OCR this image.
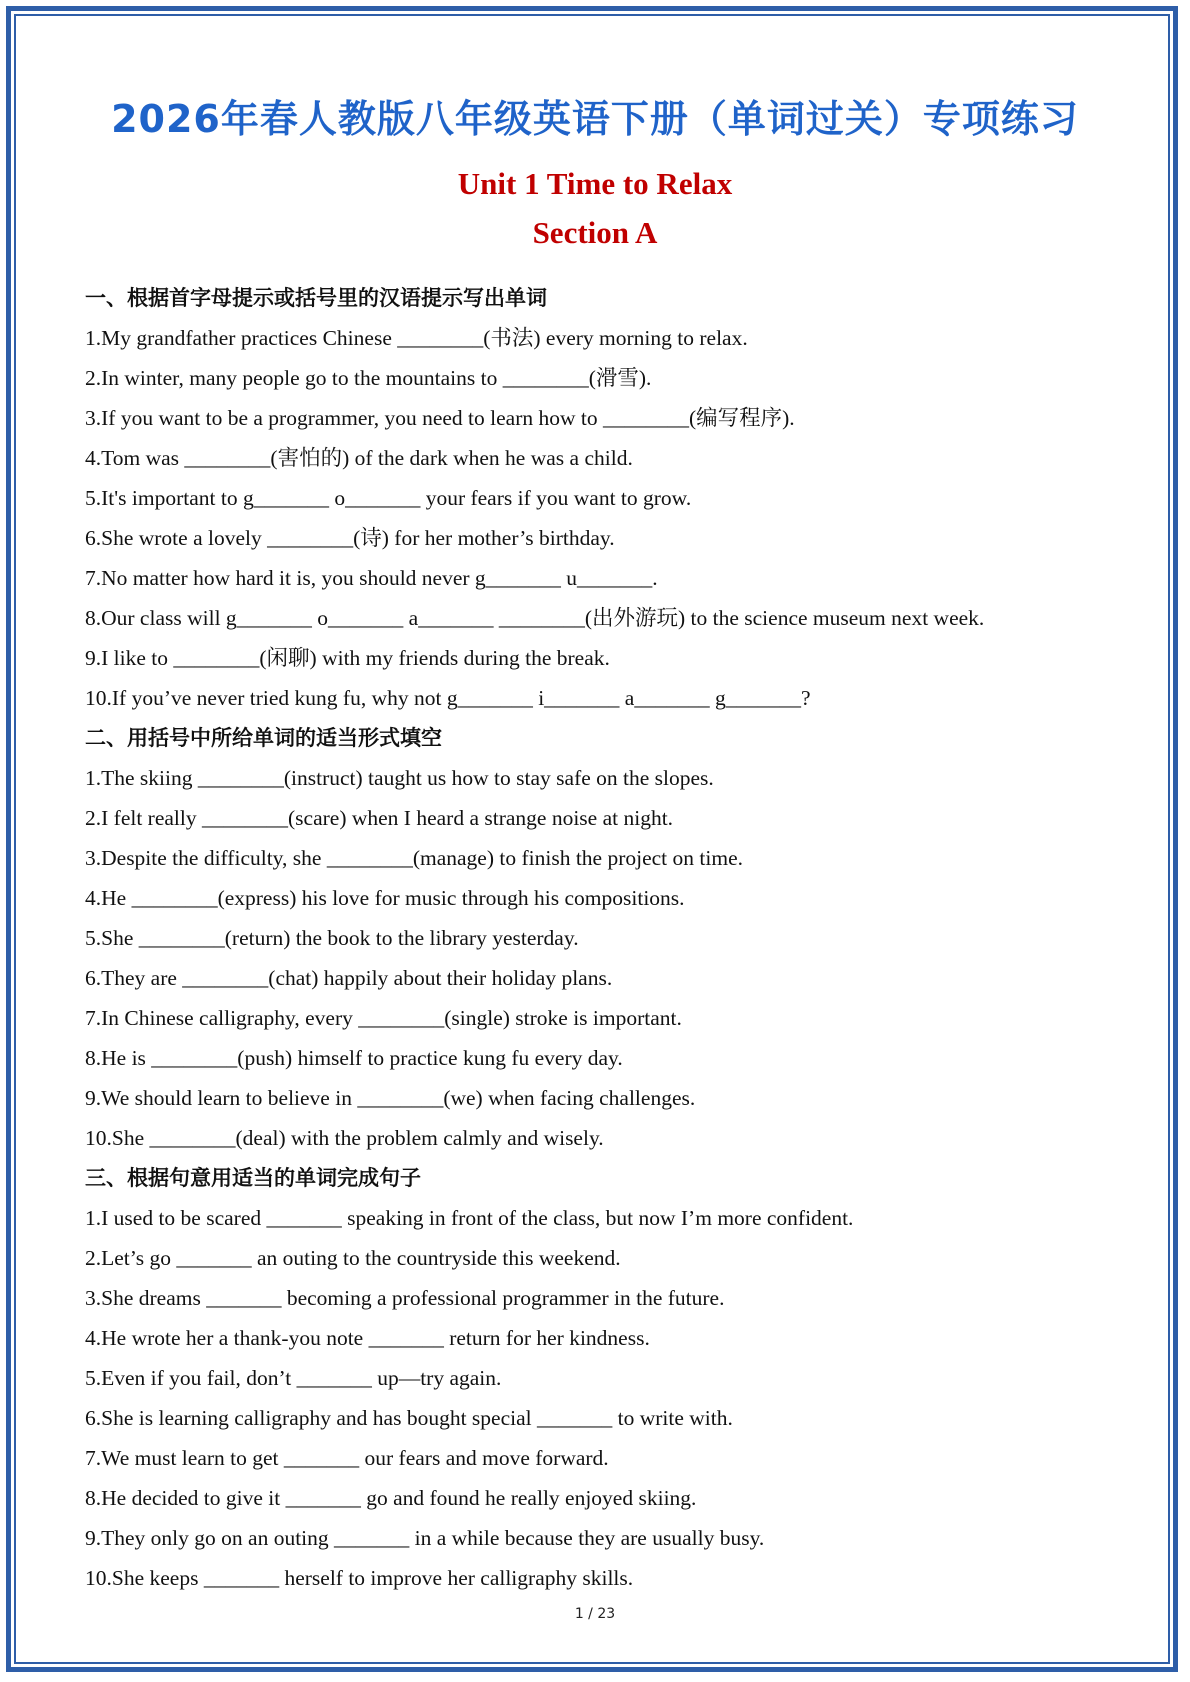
2026年春人教版八年级英语下册（单词过关）专项练习
Unit 1 Time to Relax
Section A
一、根据首字母提示或括号里的汉语提示写出单词
1.My grandfather practices Chinese ________(书法) every morning to relax.
2.In winter, many people go to the mountains to ________(滑雪).
3.If you want to be a programmer, you need to learn how to ________(编写程序).
4.Tom was ________(害怕的) of the dark when he was a child.
5.It's important to g_______ o_______ your fears if you want to grow.
6.She wrote a lovely ________(诗) for her mother’s birthday.
7.No matter how hard it is, you should never g_______ u_______.
8.Our class will g_______ o_______ a_______ ________(出外游玩) to the science museum next week.
9.I like to ________(闲聊) with my friends during the break.
10.If you’ve never tried kung fu, why not g_______ i_______ a_______ g_______?
二、用括号中所给单词的适当形式填空
1.The skiing ________(instruct) taught us how to stay safe on the slopes.
2.I felt really ________(scare) when I heard a strange noise at night.
3.Despite the difficulty, she ________(manage) to finish the project on time.
4.He ________(express) his love for music through his compositions.
5.She ________(return) the book to the library yesterday.
6.They are ________(chat) happily about their holiday plans.
7.In Chinese calligraphy, every ________(single) stroke is important.
8.He is ________(push) himself to practice kung fu every day.
9.We should learn to believe in ________(we) when facing challenges.
10.She ________(deal) with the problem calmly and wisely.
三、根据句意用适当的单词完成句子
1.I used to be scared _______ speaking in front of the class, but now I’m more confident.
2.Let’s go _______ an outing to the countryside this weekend.
3.She dreams _______ becoming a professional programmer in the future.
4.He wrote her a thank-you note _______ return for her kindness.
5.Even if you fail, don’t _______ up—try again.
6.She is learning calligraphy and has bought special _______ to write with.
7.We must learn to get _______ our fears and move forward.
8.He decided to give it _______ go and found he really enjoyed skiing.
9.They only go on an outing _______ in a while because they are usually busy.
10.She keeps _______ herself to improve her calligraphy skills.
1 / 23
